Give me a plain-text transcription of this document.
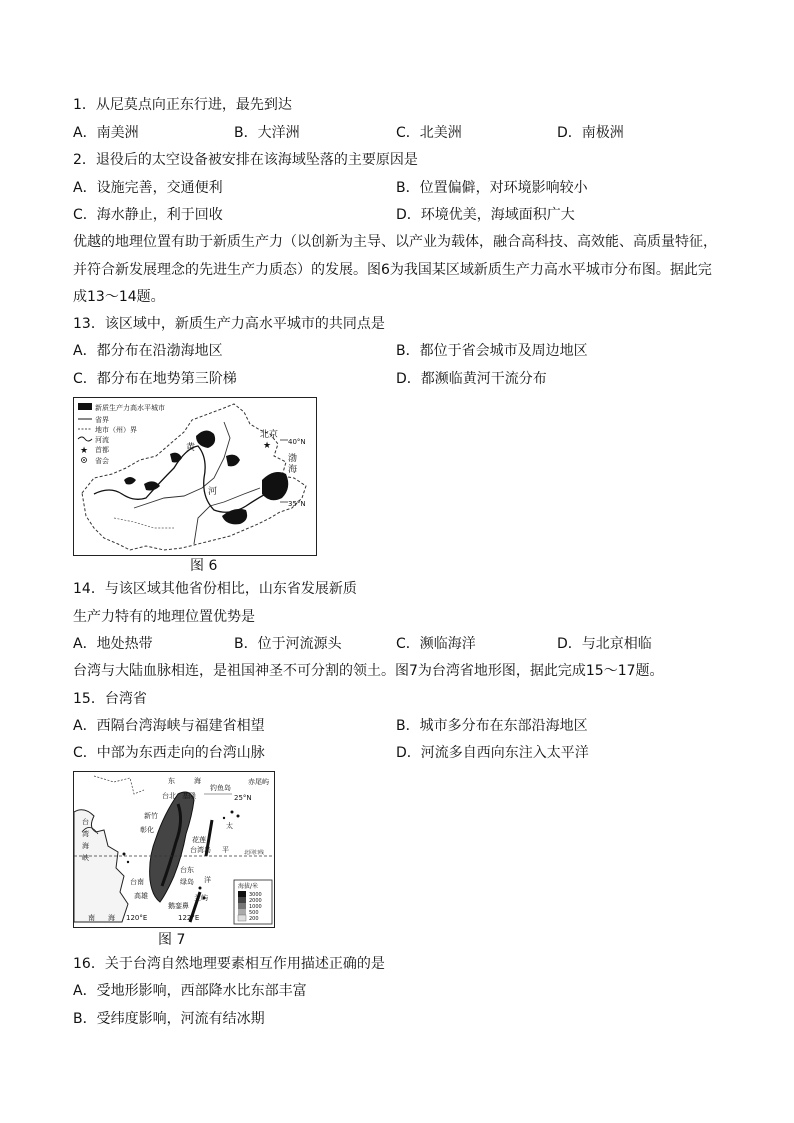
1．从尼莫点向正东行进，最先到达
A．南美洲	B．大洋洲	C．北美洲	D．南极洲
2．退役后的太空设备被安排在该海域坠落的主要原因是
A．设施完善，交通便利	B．位置偏僻，对环境影响较小
C．海水静止，利于回收	D．环境优美，海域面积广大
优越的地理位置有助于新质生产力（以创新为主导、以产业为载体，融合高科技、高效能、高质量特征，
并符合新发展理念的先进生产力质态）的发展。图6为我国某区域新质生产力高水平城市分布图。据此完
成13～14题。
13．该区域中，新质生产力高水平城市的共同点是
A．都分布在沿渤海地区	B．都位于省会城市及周边地区
C．都分布在地势第三阶梯	D．都濒临黄河干流分布
新质生产力高水平城市
省界
地市（州）界
河流
★ 首都
省会
北京
★
渤
海
黄
河
40°N
35°N
图 6
14．与该区域其他省份相比，山东省发展新质
生产力特有的地理位置优势是
A．地处热带	B．位于河流源头	C．濒临海洋	D．与北京相临
台湾与大陆血脉相连，是祖国神圣不可分割的领土。图7为台湾省地形图，据此完成15～17题。
15．台湾省
A．西隔台湾海峡与福建省相望	B．城市多分布在东部沿海地区
C．中部为东西走向的台湾山脉	D．河流多自西向东注入太平洋
东	海
台北 基隆
钓鱼岛
赤尾屿
25°N
台
湾
海
峡
新竹
彰化
花莲
台湾岛
台东
台南
高雄
绿岛
兰屿
鹅銮鼻
南 海
太
平
洋
北回归线
120°E	122°E
海拔/米
3000
2000
1000
500
200
图 7
16．关于台湾自然地理要素相互作用描述正确的是
A．受地形影响，西部降水比东部丰富
B．受纬度影响，河流有结冰期
